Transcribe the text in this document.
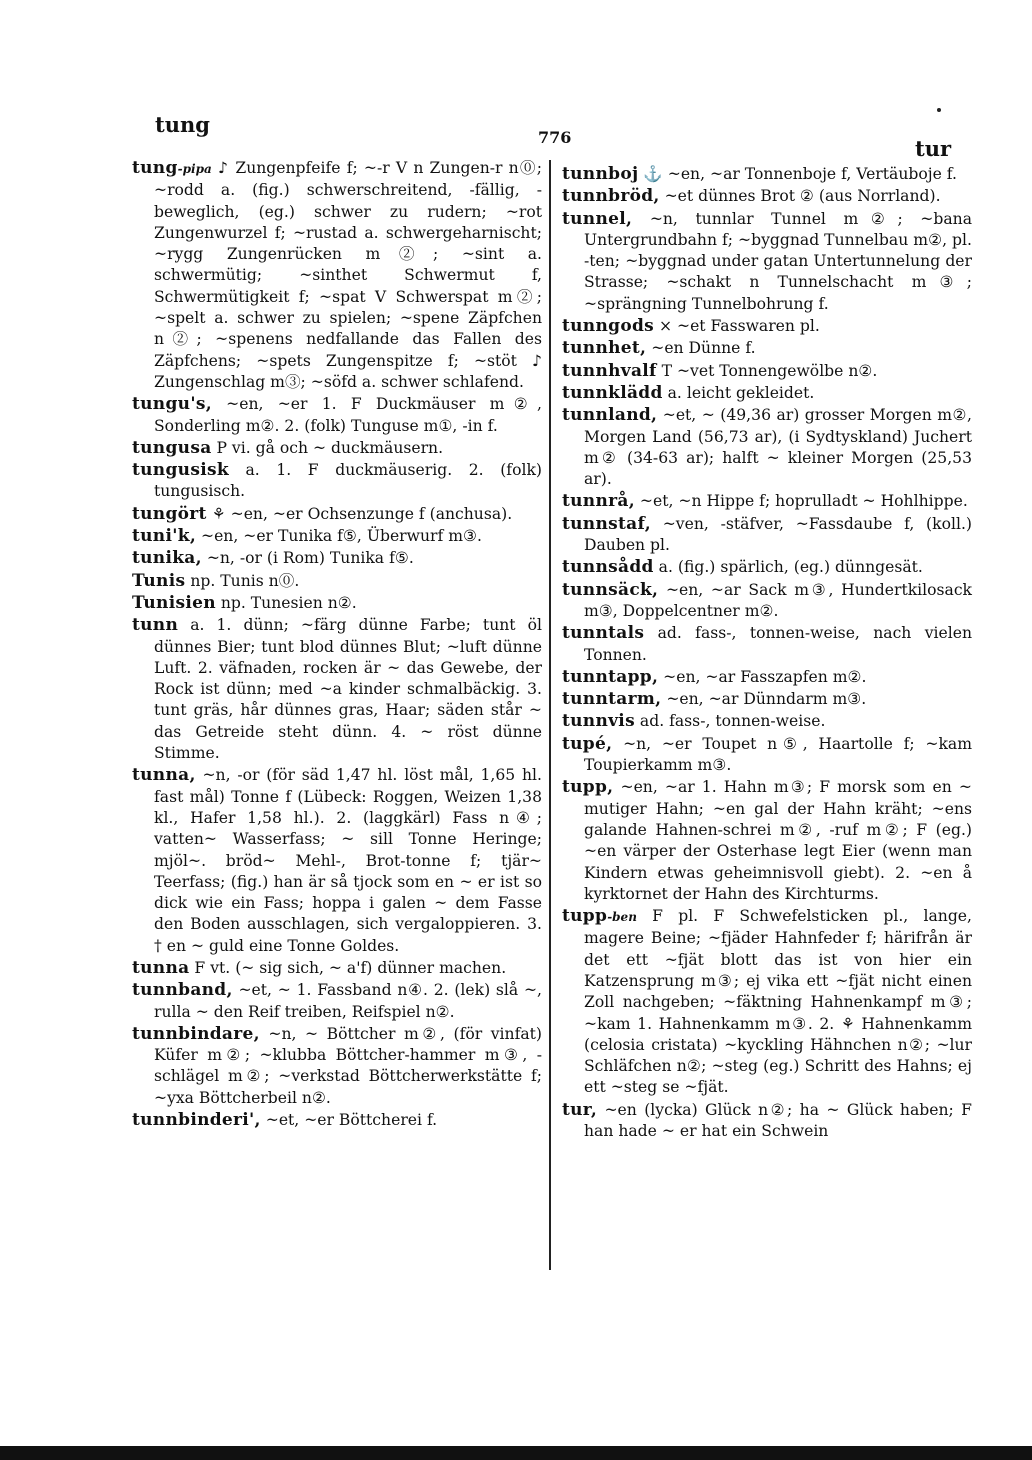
tung
776	tur

tung-pipa ♪ Zungenpfeife f; ~-r V n Zungen-r n⓪; ~rodd a. (fig.) schwerschreitend, -fällig, -beweglich, (eg.) schwer zu rudern; ~rot Zungenwurzel f; ~rustad a. schwergeharnischt; ~rygg Zungenrücken m②; ~sint a. schwermütig; ~sinthet Schwermut f, Schwermütigkeit f; ~spat V Schwerspat m②; ~spelt a. schwer zu spielen; ~spene Zäpfchen n②; ~spenens nedfallande das Fallen des Zäpfchens; ~spets Zungenspitze f; ~stöt ♪ Zungenschlag m③; ~söfd a. schwer schlafend.

tungu's, ~en, ~er 1. F Duckmäuser m②, Sonderling m②. 2. (folk) Tunguse m①, -in f.

tungusa P vi. gå och ~ duckmäusern.

tungusisk a. 1. F duckmäuserig. 2. (folk) tungusisch.

tungört ⚘ ~en, ~er Ochsenzunge f (anchusa).

tuni'k, ~en, ~er Tunika f⑤, Überwurf m③.

tunika, ~n, -or (i Rom) Tunika f⑤.

Tunis np. Tunis n⓪.

Tunisien np. Tunesien n②.

tunn a. 1. dünn; ~färg dünne Farbe; tunt öl dünnes Bier; tunt blod dünnes Blut; ~luft dünne Luft. 2. väfnaden, rocken är ~ das Gewebe, der Rock ist dünn; med ~a kinder schmalbäckig. 3. tunt gräs, hår dünnes gras, Haar; säden står ~ das Getreide steht dünn. 4. ~ röst dünne Stimme.

tunna, ~n, -or (för säd 1,47 hl. löst mål, 1,65 hl. fast mål) Tonne f (Lübeck: Roggen, Weizen 1,38 kl., Hafer 1,58 hl.). 2. (laggkärl) Fass n④; vatten~ Wasserfass; ~ sill Tonne Heringe; mjöl~. bröd~ Mehl-, Brot-tonne f; tjär~ Teerfass; (fig.) han är så tjock som en ~ er ist so dick wie ein Fass; hoppa i galen ~ dem Fasse den Boden ausschlagen, sich vergaloppieren. 3. † en ~ guld eine Tonne Goldes.

tunna F vt. (~ sig sich, ~ a'f) dünner machen.

tunnband, ~et, ~ 1. Fassband n④. 2. (lek) slå ~, rulla ~ den Reif treiben, Reifspiel n②.

tunnbindare, ~n, ~ Böttcher m②, (för vinfat) Küfer m②; ~klubba Böttcher-hammer m③, -schlägel m②; ~verkstad Böttcherwerkstätte f; ~yxa Böttcherbeil n②.

tunnbinderi', ~et, ~er Böttcherei f.

tunnboj ⚓ ~en, ~ar Tonnenboje f, Vertäuboje f.

tunnbröd, ~et dünnes Brot ② (aus Norrland).

tunnel, ~n, tunnlar Tunnel m②; ~bana Untergrundbahn f; ~byggnad Tunnelbau m②, pl. -ten; ~byggnad under gatan Untertunnelung der Strasse; ~schakt n Tunnelschacht m③; ~sprängning Tunnelbohrung f.

tunngods × ~et Fasswaren pl.

tunnhet, ~en Dünne f.

tunnhvalf T ~vet Tonnengewölbe n②.

tunnklädd a. leicht gekleidet.

tunnland, ~et, ~ (49,36 ar) grosser Morgen m②, Morgen Land (56,73 ar), (i Sydtyskland) Juchert m② (34-63 ar); halft ~ kleiner Morgen (25,53 ar).

tunnrå, ~et, ~n Hippe f; hoprulladt ~ Hohlhippe.

tunnstaf, ~ven, -stäfver, ~Fassdaube f, (koll.) Dauben pl.

tunnsådd a. (fig.) spärlich, (eg.) dünngesät.

tunnsäck, ~en, ~ar Sack m③, Hundertkilosack m③, Doppelcentner m②.

tunntals ad. fass-, tonnen-weise, nach vielen Tonnen.

tunntapp, ~en, ~ar Fasszapfen m②.

tunntarm, ~en, ~ar Dünndarm m③.

tunnvis ad. fass-, tonnen-weise.

tupé, ~n, ~er Toupet n⑤, Haartolle f; ~kam Toupierkamm m③.

tupp, ~en, ~ar 1. Hahn m③; F morsk som en ~ mutiger Hahn; ~en gal der Hahn kräht; ~ens galande Hahnen-schrei m②, -ruf m②; F (eg.) ~en värper der Osterhase legt Eier (wenn man Kindern etwas geheimnisvoll giebt). 2. ~en å kyrktornet der Hahn des Kirchturms.

tupp-ben F pl. F Schwefelsticken pl., lange, magere Beine; ~fjäder Hahnfeder f; härifrån är det ett ~fjät blott das ist von hier ein Katzensprung m③; ej vika ett ~fjät nicht einen Zoll nachgeben; ~fäktning Hahnenkampf m③; ~kam 1. Hahnenkamm m③. 2. ⚘ Hahnenkamm (celosia cristata) ~kyckling Hähnchen n②; ~lur Schläfchen n②; ~steg (eg.) Schritt des Hahns; ej ett ~steg se ~fjät.

tur, ~en (lycka) Glück n②; ha ~ Glück haben; F han hade ~ er hat ein Schwein
